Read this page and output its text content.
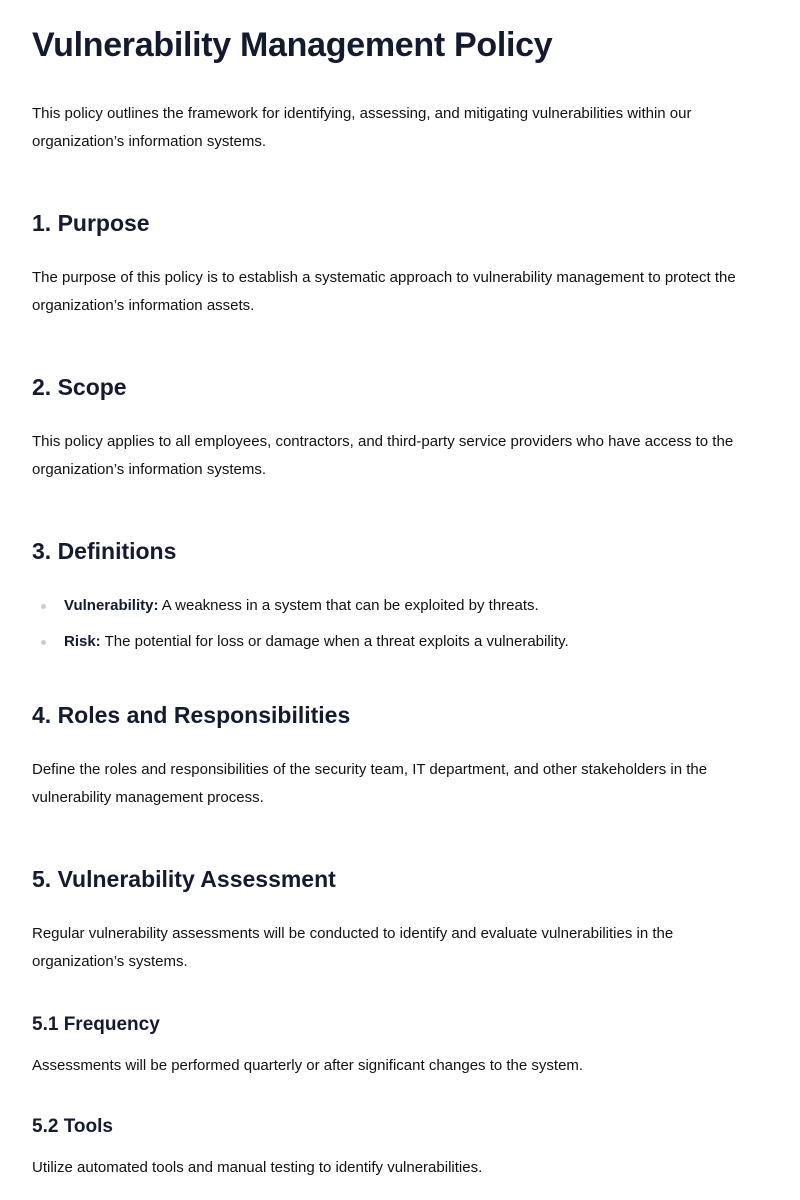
Vulnerability Management Policy

This policy outlines the framework for identifying, assessing, and mitigating vulnerabilities within our organization’s information systems.

1. Purpose

The purpose of this policy is to establish a systematic approach to vulnerability management to protect the organization’s information assets.

2. Scope

This policy applies to all employees, contractors, and third-party service providers who have access to the organization’s information systems.

3. Definitions
Vulnerability: A weakness in a system that can be exploited by threats.
Risk: The potential for loss or damage when a threat exploits a vulnerability.
4. Roles and Responsibilities

Define the roles and responsibilities of the security team, IT department, and other stakeholders in the vulnerability management process.

5. Vulnerability Assessment

Regular vulnerability assessments will be conducted to identify and evaluate vulnerabilities in the organization’s systems.

5.1 Frequency

Assessments will be performed quarterly or after significant changes to the system.

5.2 Tools

Utilize automated tools and manual testing to identify vulnerabilities.
